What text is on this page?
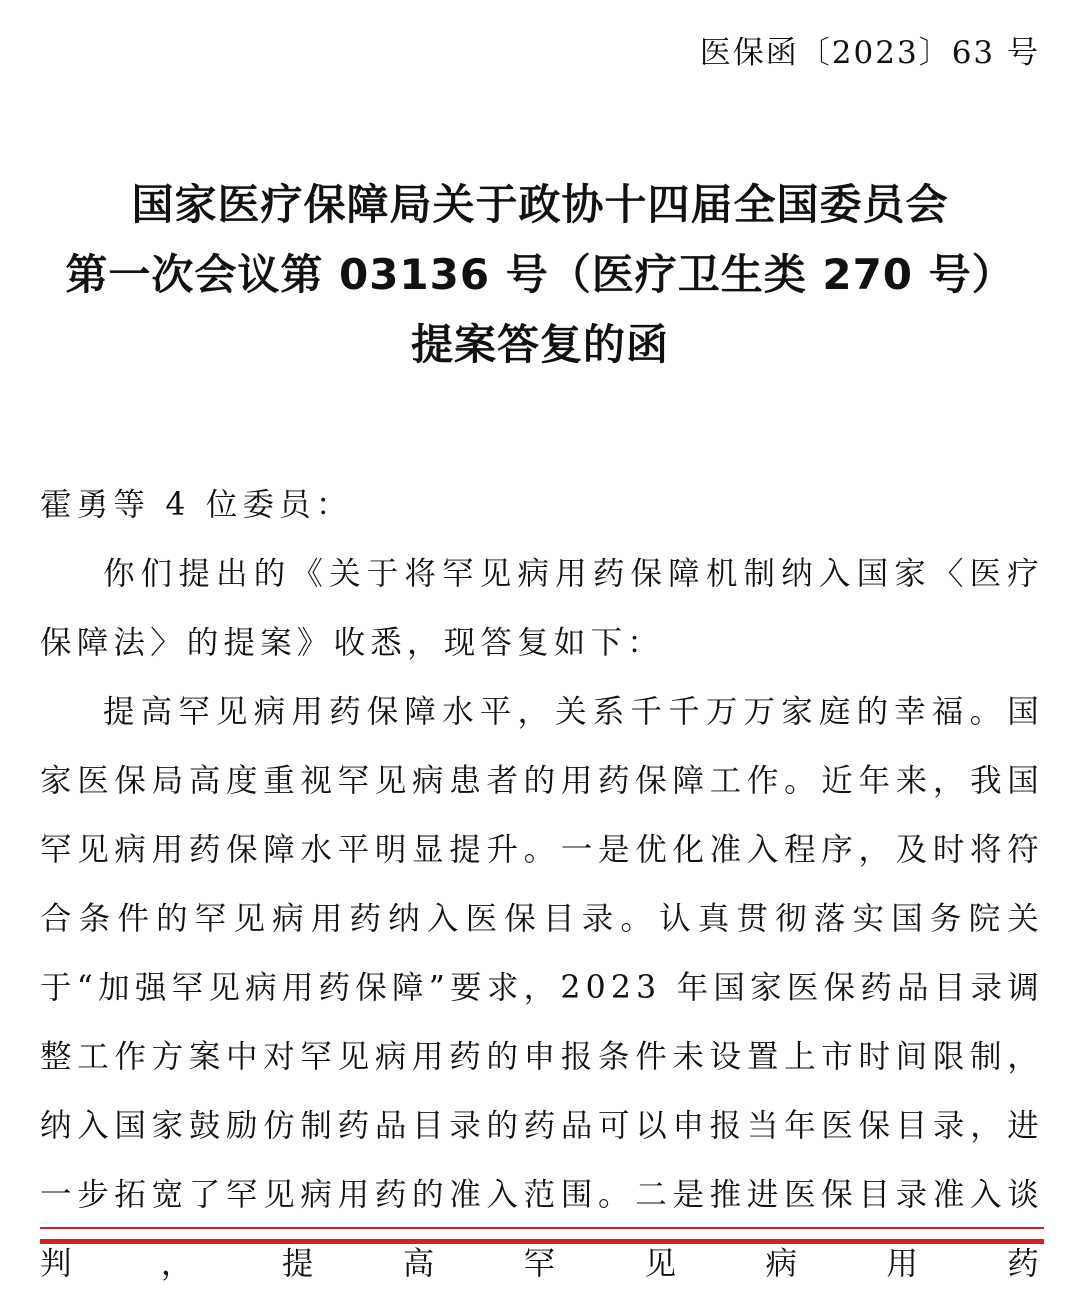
医保函〔2023〕63 号
国家医疗保障局关于政协十四届全国委员会
第一次会议第 03136 号（医疗卫生类 270 号）
提案答复的函
霍勇等 4 位委员：

你们提出的《关于将罕见病用药保障机制纳入国家〈医疗保障法〉的提案》收悉，现答复如下：

提高罕见病用药保障水平，关系千千万万家庭的幸福。国家医保局高度重视罕见病患者的用药保障工作。近年来，我国罕见病用药保障水平明显提升。一是优化准入程序，及时将符合条件的罕见病用药纳入医保目录。认真贯彻落实国务院关于“加强罕见病用药保障”要求，2023 年国家医保药品目录调整工作方案中对罕见病用药的申报条件未设置上市时间限制，纳入国家鼓励仿制药品目录的药品可以申报当年医保目录，进一步拓宽了罕见病用药的准入范围。二是推进医保目录准入谈判，提高罕见病用药
